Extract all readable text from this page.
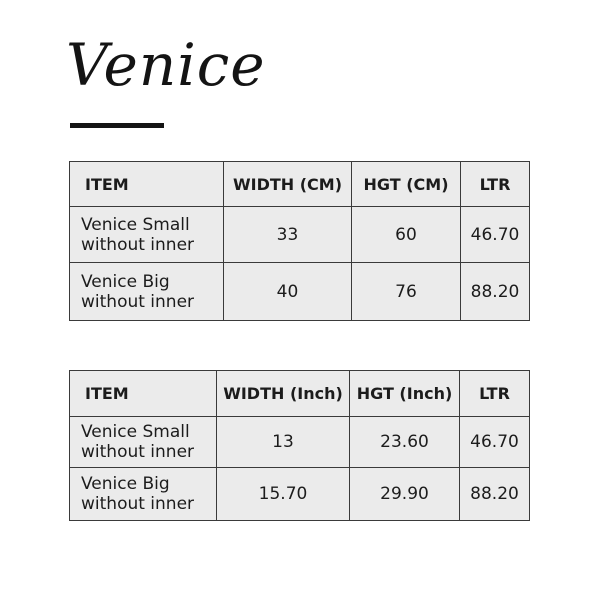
Venice
ITEM	WIDTH (CM)	HGT (CM)	LTR

Venice Small
without inner	33	60	46.70

Venice Big
without inner	40	76	88.20
ITEM	WIDTH (Inch)	HGT (Inch)	LTR

Venice Small
without inner	13	23.60	46.70

Venice Big
without inner	15.70	29.90	88.20
